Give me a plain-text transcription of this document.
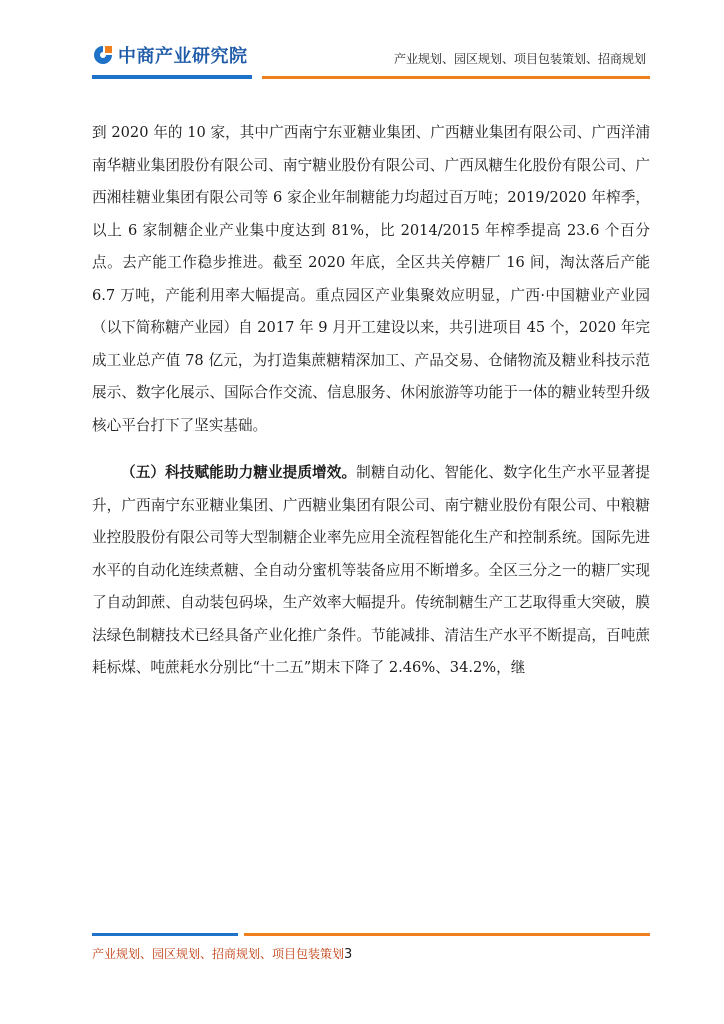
中商产业研究院	产业规划、园区规划、项目包装策划、招商规划

到 2020 年的 10 家，其中广西南宁东亚糖业集团、广西糖业集团有限公司、广西洋浦南华糖业集团股份有限公司、南宁糖业股份有限公司、广西凤糖生化股份有限公司、广西湘桂糖业集团有限公司等 6 家企业年制糖能力均超过百万吨；2019/2020 年榨季，以上 6 家制糖企业产业集中度达到 81%，比 2014/2015 年榨季提高 23.6 个百分点。去产能工作稳步推进。截至 2020 年底，全区共关停糖厂 16 间，淘汰落后产能 6.7 万吨，产能利用率大幅提高。重点园区产业集聚效应明显，广西·中国糖业产业园（以下简称糖产业园）自 2017 年 9 月开工建设以来，共引进项目 45 个，2020 年完成工业总产值 78 亿元，为打造集蔗糖精深加工、产品交易、仓储物流及糖业科技示范展示、数字化展示、国际合作交流、信息服务、休闲旅游等功能于一体的糖业转型升级核心平台打下了坚实基础。

（五）科技赋能助力糖业提质增效。制糖自动化、智能化、数字化生产水平显著提升，广西南宁东亚糖业集团、广西糖业集团有限公司、南宁糖业股份有限公司、中粮糖业控股股份有限公司等大型制糖企业率先应用全流程智能化生产和控制系统。国际先进水平的自动化连续煮糖、全自动分蜜机等装备应用不断增多。全区三分之一的糖厂实现了自动卸蔗、自动装包码垛，生产效率大幅提升。传统制糖生产工艺取得重大突破，膜法绿色制糖技术已经具备产业化推广条件。节能减排、清洁生产水平不断提高，百吨蔗耗标煤、吨蔗耗水分别比“十二五”期末下降了 2.46%、34.2%，继

产业规划、园区规划、招商规划、项目包装策划3
